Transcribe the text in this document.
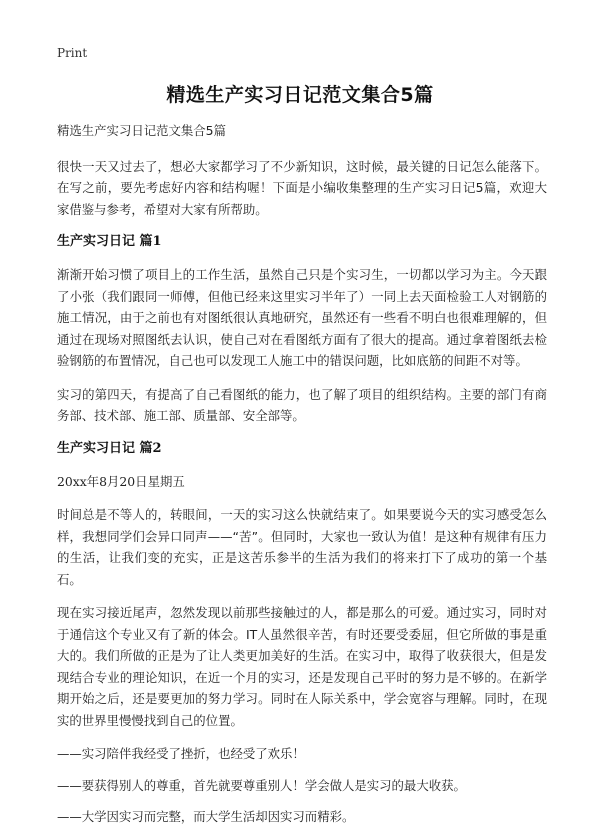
Print
精选生产实习日记范文集合5篇

精选生产实习日记范文集合5篇

很快一天又过去了，想必大家都学习了不少新知识，这时候，最关键的日记怎么能落下。在写之前，要先考虑好内容和结构喔！下面是小编收集整理的生产实习日记5篇，欢迎大家借鉴与参考，希望对大家有所帮助。

生产实习日记 篇1

渐渐开始习惯了项目上的工作生活，虽然自己只是个实习生，一切都以学习为主。今天跟了小张（我们跟同一师傅，但他已经来这里实习半年了）一同上去天面检验工人对钢筋的施工情况，由于之前也有对图纸很认真地研究，虽然还有一些看不明白也很难理解的，但通过在现场对照图纸去认识，使自己对在看图纸方面有了很大的提高。通过拿着图纸去检验钢筋的布置情况，自己也可以发现工人施工中的错误问题，比如底筋的间距不对等。

实习的第四天，有提高了自己看图纸的能力，也了解了项目的组织结构。主要的部门有商务部、技术部、施工部、质量部、安全部等。

生产实习日记 篇2

20xx年8月20日星期五

时间总是不等人的，转眼间，一天的实习这么快就结束了。如果要说今天的实习感受怎么样，我想同学们会异口同声——“苦”。但同时，大家也一致认为值！是这种有规律有压力的生活，让我们变的充实，正是这苦乐参半的生活为我们的将来打下了成功的第一个基石。

现在实习接近尾声，忽然发现以前那些接触过的人，都是那么的可爱。通过实习，同时对于通信这个专业又有了新的体会。IT人虽然很辛苦，有时还要受委屈，但它所做的事是重大的。我们所做的正是为了让人类更加美好的生活。在实习中，取得了收获很大，但是发现结合专业的理论知识，在近一个月的实习，还是发现自己平时的努力是不够的。在新学期开始之后，还是要更加的努力学习。同时在人际关系中，学会宽容与理解。同时，在现实的世界里慢慢找到自己的位置。

——实习陪伴我经受了挫折，也经受了欢乐！

——要获得别人的尊重，首先就要尊重别人！学会做人是实习的最大收获。

——大学因实习而完整，而大学生活却因实习而精彩。
